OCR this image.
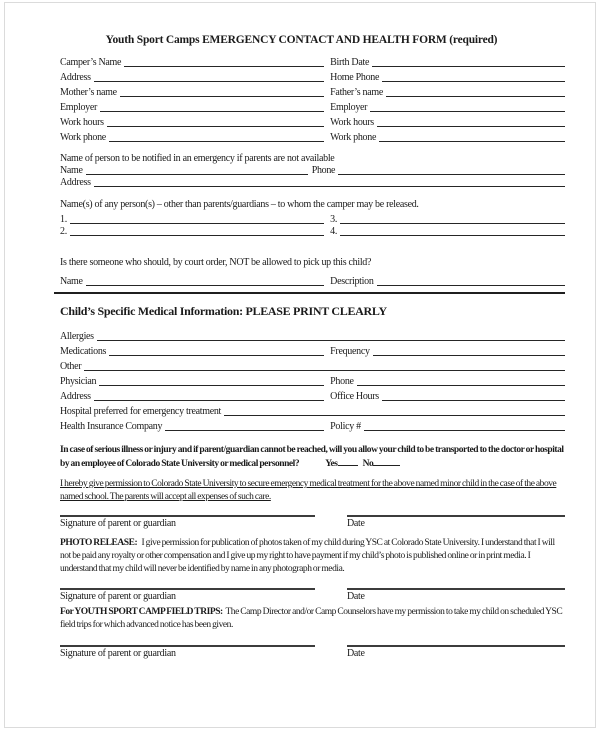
Youth Sport Camps EMERGENCY CONTACT AND HEALTH FORM (required)
Camper’s Name	Birth Date
Address	Home Phone
Mother’s name	Father’s name
Employer	Employer
Work hours	Work hours
Work phone	Work phone
Name of person to be notified in an emergency if parents are not available
Name	Phone
Address
Name(s) of any person(s) – other than parents/guardians – to whom the camper may be released.
1.	3.
2.	4.
Is there someone who should, by court order, NOT be allowed to pick up this child?
Name	Description
Child’s Specific Medical Information: PLEASE PRINT CLEARLY
Allergies
Medications	Frequency
Other
Physician	Phone
Address	Office Hours
Hospital preferred for emergency treatment
Health Insurance Company	Policy #

In case of serious illness or injury and if parent/guardian cannot be reached, will you allow your child to be transported to the doctor or hospital by an employee of Colorado State University or medical personnel?	Yes	No

I hereby give permission to Colorado State University to secure emergency medical treatment for the above named minor child in the case of the above named school. The parents will accept all expenses of such care.

Signature of parent or guardian	Date

PHOTO RELEASE: I give permission for publication of photos taken of my child during YSC at Colorado State University. I understand that I will not be paid any royalty or other compensation and I give up my right to have payment if my child’s photo is published online or in print media. I understand that my child will never be identified by name in any photograph or media.

Signature of parent or guardian	Date

For YOUTH SPORT CAMP FIELD TRIPS: The Camp Director and/or Camp Counselors have my permission to take my child on scheduled YSC field trips for which advanced notice has been given.

Signature of parent or guardian	Date
